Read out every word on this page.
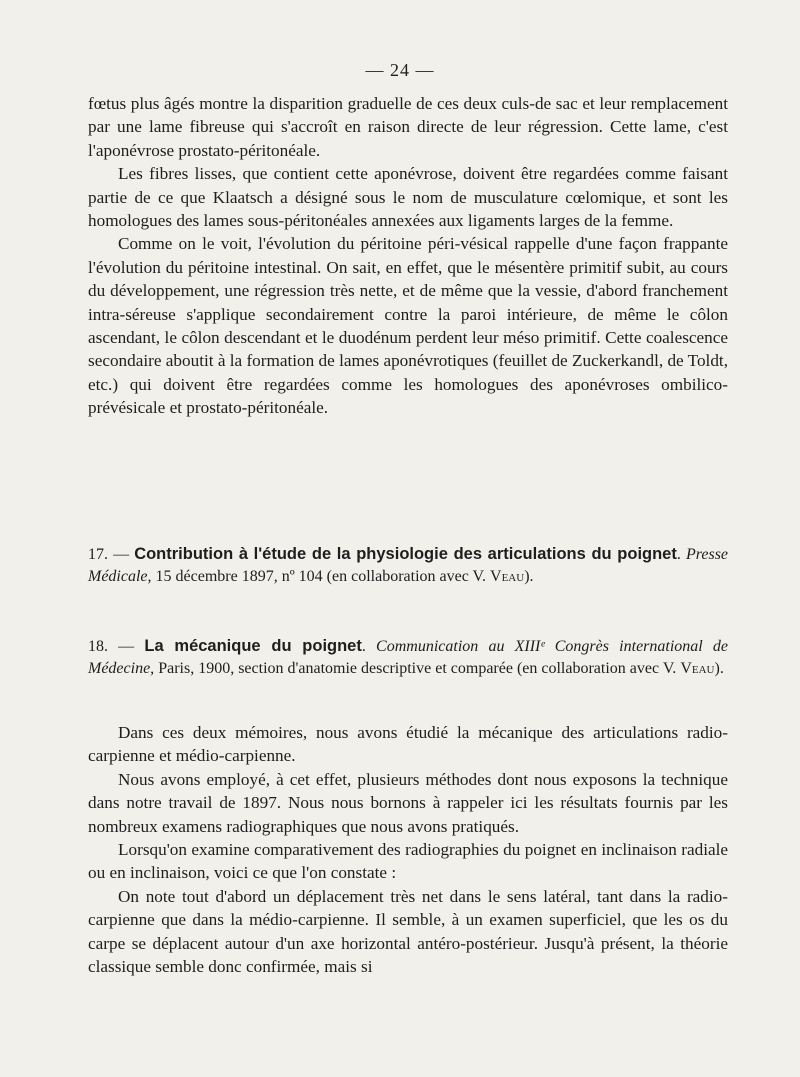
— 24 —

fœtus plus âgés montre la disparition graduelle de ces deux culs-de sac et leur remplacement par une lame fibreuse qui s'accroît en raison directe de leur régression. Cette lame, c'est l'aponévrose prostato-péritonéale.

Les fibres lisses, que contient cette aponévrose, doivent être regardées comme faisant partie de ce que Klaatsch a désigné sous le nom de musculature cœlomique, et sont les homologues des lames sous-péritonéales annexées aux ligaments larges de la femme.

Comme on le voit, l'évolution du péritoine péri-vésical rappelle d'une façon frappante l'évolution du péritoine intestinal. On sait, en effet, que le mésentère primitif subit, au cours du développement, une régression très nette, et de même que la vessie, d'abord franchement intra-séreuse s'applique secondairement contre la paroi intérieure, de même le côlon ascendant, le côlon descendant et le duodénum perdent leur méso primitif. Cette coalescence secondaire aboutit à la formation de lames aponévrotiques (feuillet de Zuckerkandl, de Toldt, etc.) qui doivent être regardées comme les homologues des aponévroses ombilico-prévésicale et prostato-péritonéale.

17. — Contribution à l'étude de la physiologie des articulations du poignet. Presse Médicale, 15 décembre 1897, nº 104 (en collaboration avec V. Veau).

18. — La mécanique du poignet. Communication au XIIIᵉ Congrès international de Médecine, Paris, 1900, section d'anatomie descriptive et comparée (en collaboration avec V. Veau).

Dans ces deux mémoires, nous avons étudié la mécanique des articulations radio-carpienne et médio-carpienne.

Nous avons employé, à cet effet, plusieurs méthodes dont nous exposons la technique dans notre travail de 1897. Nous nous bornons à rappeler ici les résultats fournis par les nombreux examens radiographiques que nous avons pratiqués.

Lorsqu'on examine comparativement des radiographies du poignet en inclinaison radiale ou en inclinaison, voici ce que l'on constate :

On note tout d'abord un déplacement très net dans le sens latéral, tant dans la radio-carpienne que dans la médio-carpienne. Il semble, à un examen superficiel, que les os du carpe se déplacent autour d'un axe horizontal antéro-postérieur. Jusqu'à présent, la théorie classique semble donc confirmée, mais si
